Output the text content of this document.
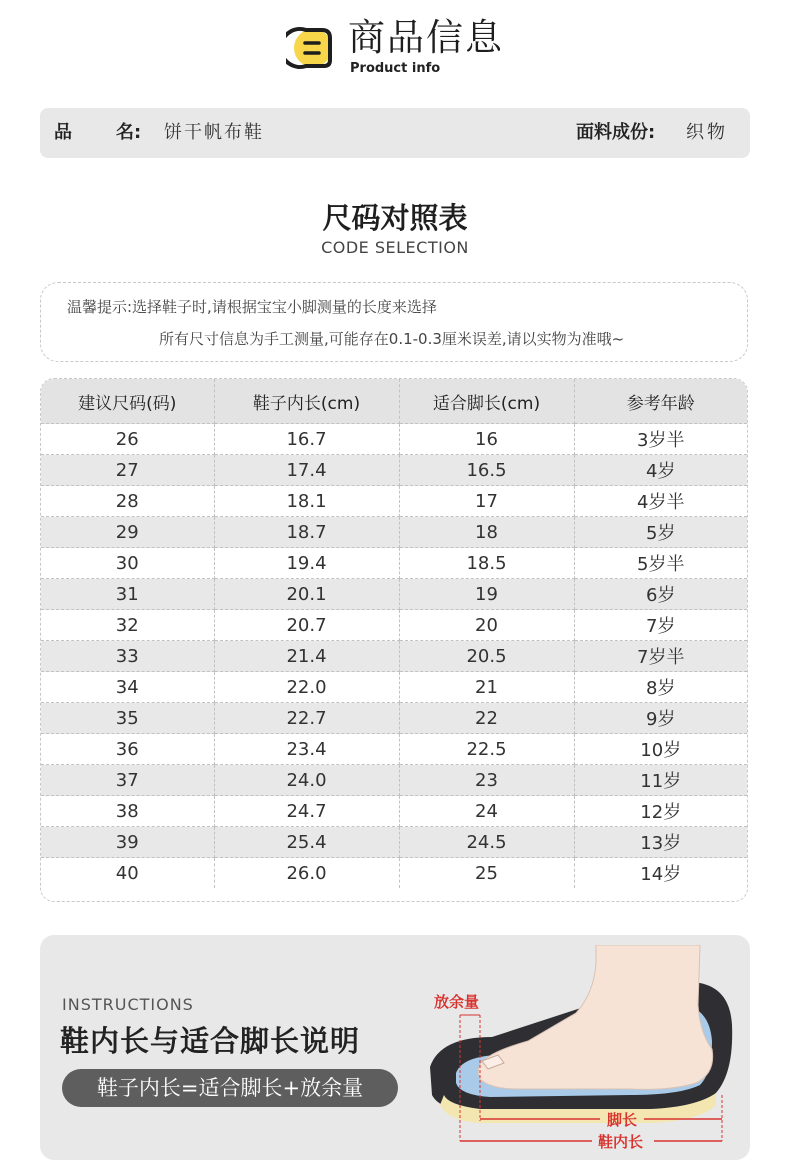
商品信息
Product info
品 名: 饼干帆布鞋	面料成份: 织物
尺码对照表
CODE SELECTION
温馨提示:选择鞋子时,请根据宝宝小脚测量的长度来选择
所有尺寸信息为手工测量,可能存在0.1-0.3厘米误差,请以实物为准哦~
建议尺码(码)	鞋子内长(cm)	适合脚长(cm)	参考年龄
26	16.7	16	3岁半
27	17.4	16.5	4岁
28	18.1	17	4岁半
29	18.7	18	5岁
30	19.4	18.5	5岁半
31	20.1	19	6岁
32	20.7	20	7岁
33	21.4	20.5	7岁半
34	22.0	21	8岁
35	22.7	22	9岁
36	23.4	22.5	10岁
37	24.0	23	11岁
38	24.7	24	12岁
39	25.4	24.5	13岁
40	26.0	25	14岁
INSTRUCTIONS
鞋内长与适合脚长说明
鞋子内长=适合脚长+放余量
放余量
脚长
鞋内长
